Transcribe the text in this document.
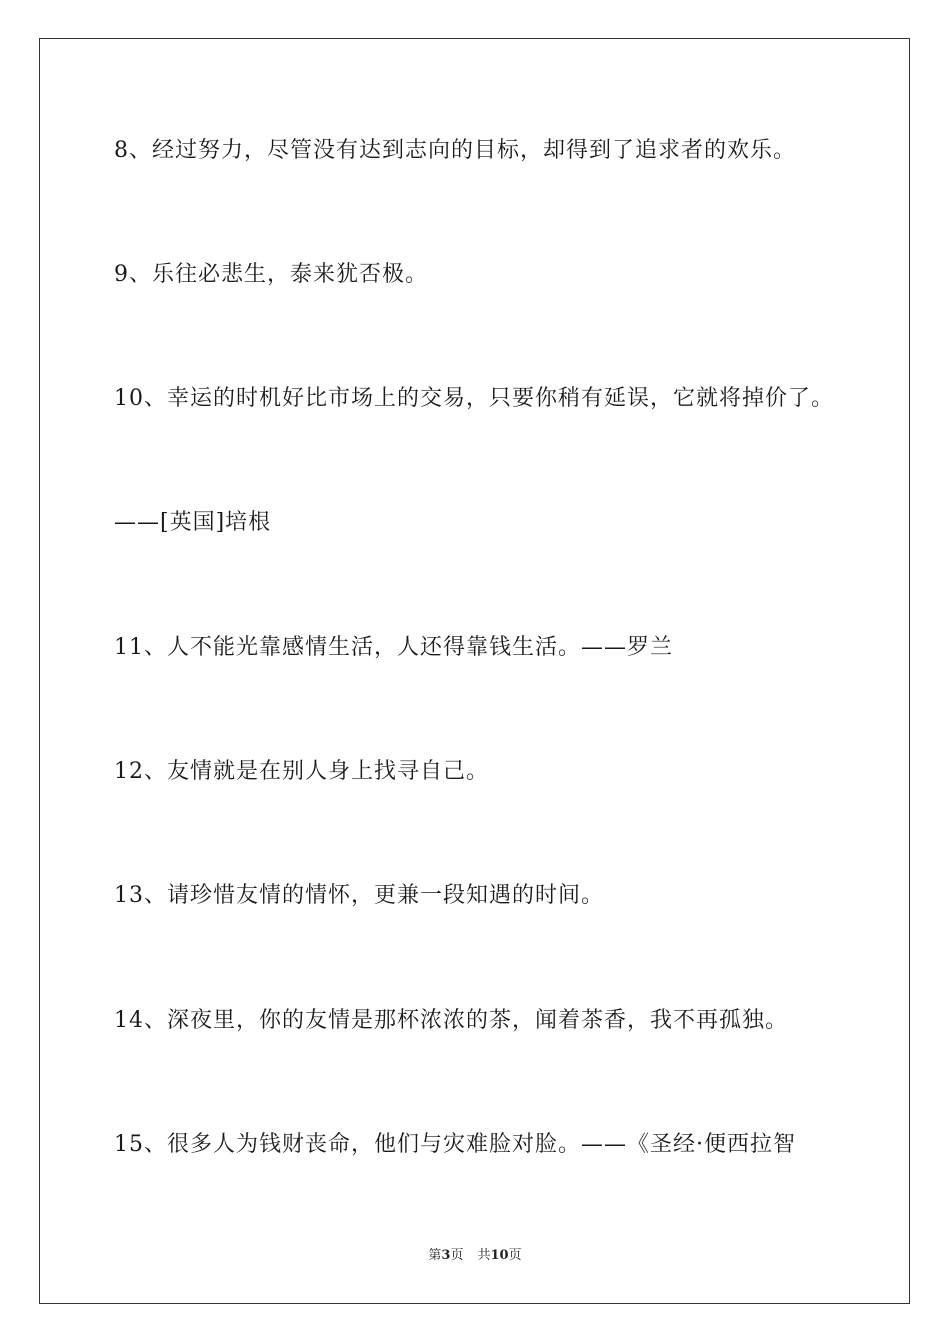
8、经过努力，尽管没有达到志向的目标，却得到了追求者的欢乐。
9、乐往必悲生，泰来犹否极。
10、幸运的时机好比市场上的交易，只要你稍有延误，它就将掉价了。
——[英国]培根
11、人不能光靠感情生活，人还得靠钱生活。——罗兰
12、友情就是在别人身上找寻自己。
13、请珍惜友情的情怀，更兼一段知遇的时间。
14、深夜里，你的友情是那杯浓浓的茶，闻着茶香，我不再孤独。
15、很多人为钱财丧命，他们与灾难脸对脸。——《圣经·便西拉智
第3页 共10页
